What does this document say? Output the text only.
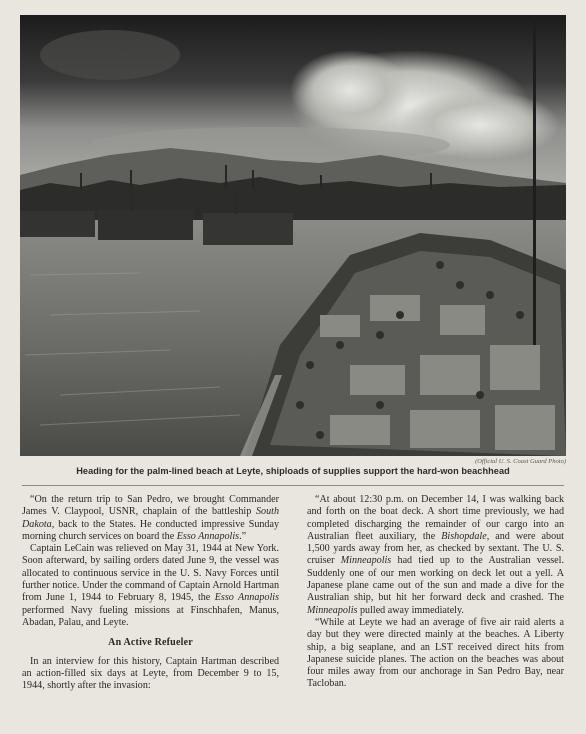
(Official U. S. Coast Guard Photo)
Heading for the palm-lined beach at Leyte, shiploads of supplies support the hard-won beachhead

“On the return trip to San Pedro, we brought Commander James V. Claypool, USNR, chaplain of the battleship South Dakota, back to the States. He conducted impressive Sunday morning church services on board the Esso Annapolis.”

Captain LeCain was relieved on May 31, 1944 at New York. Soon afterward, by sailing orders dated June 9, the vessel was allocated to continuous service in the U. S. Navy Forces until further notice. Under the command of Captain Arnold Hartman from June 1, 1944 to February 8, 1945, the Esso Annapolis performed Navy fueling missions at Finschhafen, Manus, Abadan, Palau, and Leyte.

An Active Refueler

In an interview for this history, Captain Hartman described an action-filled six days at Leyte, from December 9 to 15, 1944, shortly after the invasion:

“At about 12:30 p.m. on December 14, I was walking back and forth on the boat deck. A short time previously, we had completed discharging the remainder of our cargo into an Australian fleet auxiliary, the Bishopdale, and were about 1,500 yards away from her, as checked by sextant. The U. S. cruiser Minneapolis had tied up to the Australian vessel. Suddenly one of our men working on deck let out a yell. A Japanese plane came out of the sun and made a dive for the Australian ship, but hit her forward deck and crashed. The Minneapolis pulled away immediately.

“While at Leyte we had an average of five air raid alerts a day but they were directed mainly at the beaches. A Liberty ship, a big seaplane, and an LST received direct hits from Japanese suicide planes. The action on the beaches was about four miles away from our anchorage in San Pedro Bay, near Tacloban.
